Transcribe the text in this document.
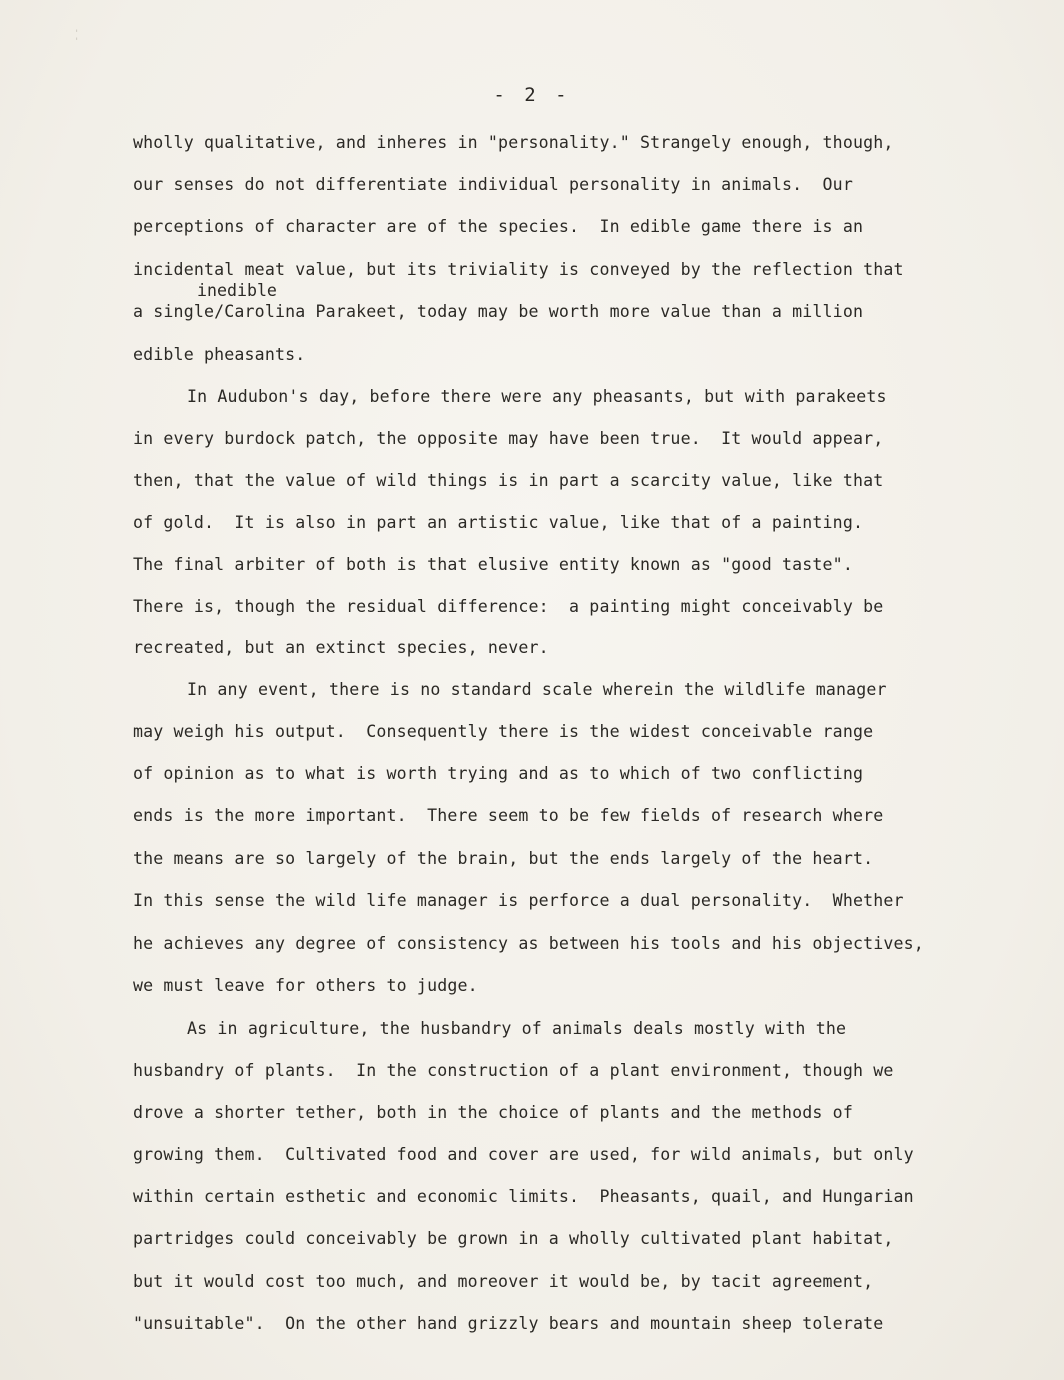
' '
- 2 -
wholly qualitative, and inheres in "personality." Strangely enough, though,
our senses do not differentiate individual personality in animals.  Our
perceptions of character are of the species.  In edible game there is an
incidental meat value, but its triviality is conveyed by the reflection that
inedible
a single/Carolina Parakeet, today may be worth more value than a million
edible pheasants.
In Audubon's day, before there were any pheasants, but with parakeets
in every burdock patch, the opposite may have been true.  It would appear,
then, that the value of wild things is in part a scarcity value, like that
of gold.  It is also in part an artistic value, like that of a painting.
The final arbiter of both is that elusive entity known as "good taste".
There is, though the residual difference:  a painting might conceivably be
recreated, but an extinct species, never.
In any event, there is no standard scale wherein the wildlife manager
may weigh his output.  Consequently there is the widest conceivable range
of opinion as to what is worth trying and as to which of two conflicting
ends is the more important.  There seem to be few fields of research where
the means are so largely of the brain, but the ends largely of the heart.
In this sense the wild life manager is perforce a dual personality.  Whether
he achieves any degree of consistency as between his tools and his objectives,
we must leave for others to judge.
As in agriculture, the husbandry of animals deals mostly with the
husbandry of plants.  In the construction of a plant environment, though we
drove a shorter tether, both in the choice of plants and the methods of
growing them.  Cultivated food and cover are used, for wild animals, but only
within certain esthetic and economic limits.  Pheasants, quail, and Hungarian
partridges could conceivably be grown in a wholly cultivated plant habitat,
but it would cost too much, and moreover it would be, by tacit agreement,
"unsuitable".  On the other hand grizzly bears and mountain sheep tolerate
